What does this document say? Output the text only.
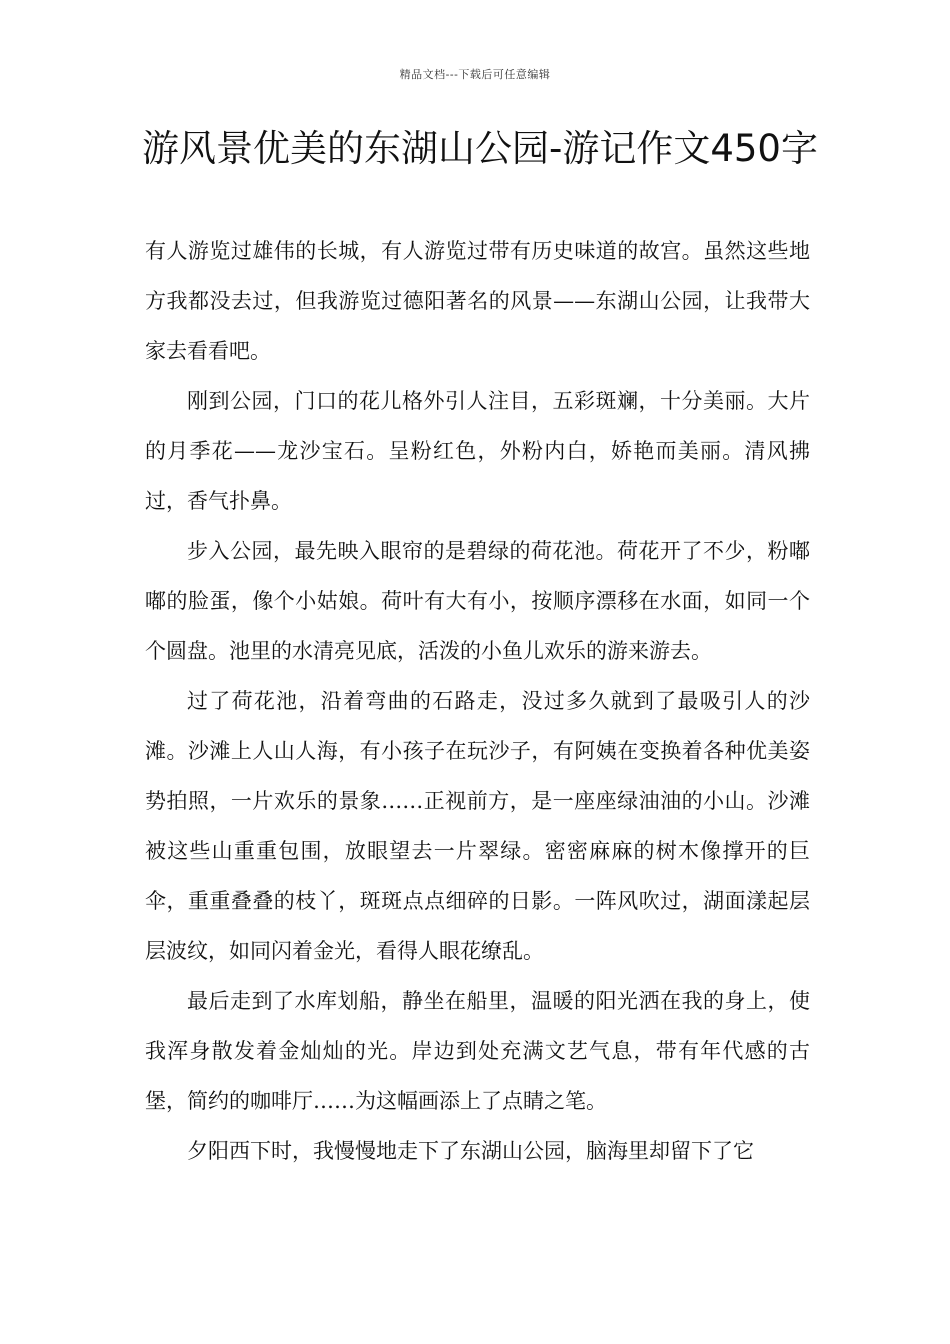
精品文档---下载后可任意编辑
游风景优美的东湖山公园-游记作文450字

有人游览过雄伟的长城，有人游览过带有历史味道的故宫。虽然这些地方我都没去过，但我游览过德阳著名的风景——东湖山公园，让我带大家去看看吧。

刚到公园，门口的花儿格外引人注目，五彩斑斓，十分美丽。大片的月季花——龙沙宝石。呈粉红色，外粉内白，娇艳而美丽。清风拂过，香气扑鼻。

步入公园，最先映入眼帘的是碧绿的荷花池。荷花开了不少，粉嘟嘟的脸蛋，像个小姑娘。荷叶有大有小，按顺序漂移在水面，如同一个个圆盘。池里的水清亮见底，活泼的小鱼儿欢乐的游来游去。

过了荷花池，沿着弯曲的石路走，没过多久就到了最吸引人的沙滩。沙滩上人山人海，有小孩子在玩沙子，有阿姨在变换着各种优美姿势拍照，一片欢乐的景象……正视前方，是一座座绿油油的小山。沙滩被这些山重重包围，放眼望去一片翠绿。密密麻麻的树木像撑开的巨伞，重重叠叠的枝丫，斑斑点点细碎的日影。一阵风吹过，湖面漾起层层波纹，如同闪着金光，看得人眼花缭乱。

最后走到了水库划船，静坐在船里，温暖的阳光洒在我的身上，使我浑身散发着金灿灿的光。岸边到处充满文艺气息，带有年代感的古堡，简约的咖啡厅……为这幅画添上了点睛之笔。

夕阳西下时，我慢慢地走下了东湖山公园，脑海里却留下了它
